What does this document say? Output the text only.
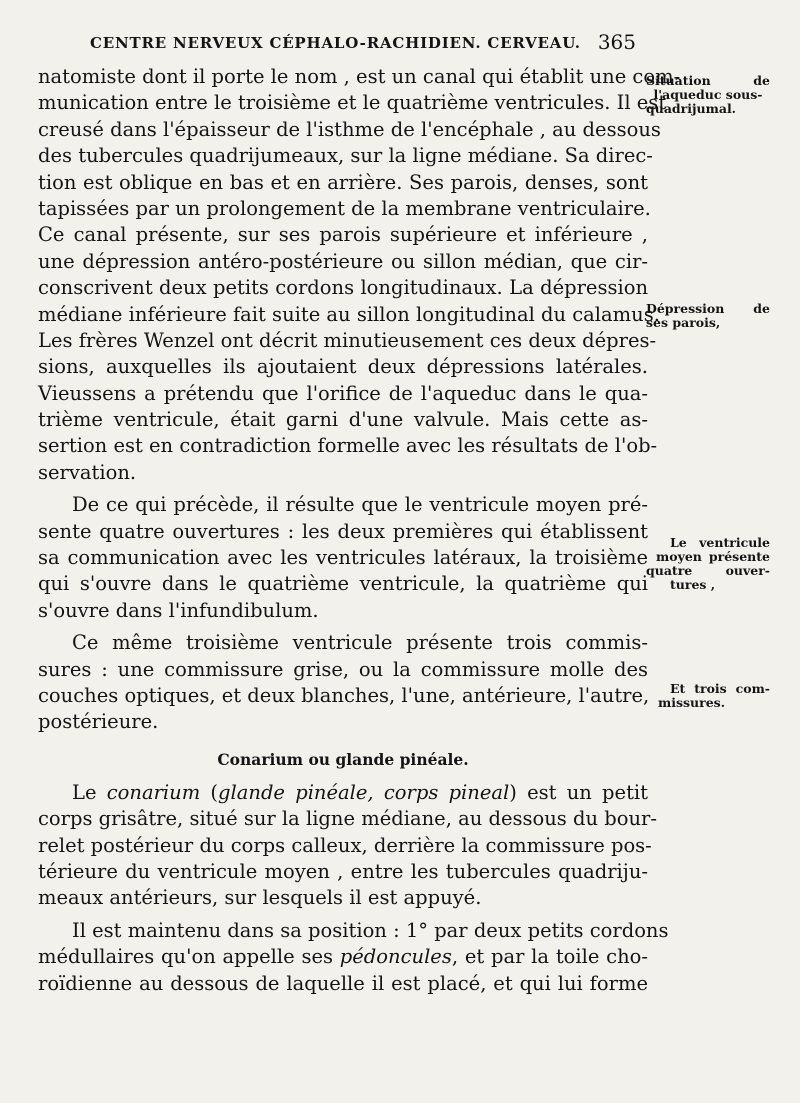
CENTRE NERVEUX CÉPHALO-RACHIDIEN. CERVEAU. 365
natomiste dont il porte le nom , est un canal qui établit une com-
munication entre le troisième et le quatrième ventricules. Il est
creusé dans l'épaisseur de l'isthme de l'encéphale , au dessous
des tubercules quadrijumeaux, sur la ligne médiane. Sa direc-
tion est oblique en bas et en arrière. Ses parois, denses, sont
tapissées par un prolongement de la membrane ventriculaire.
Ce canal présente, sur ses parois supérieure et inférieure ,
une dépression antéro-postérieure ou sillon médian, que cir-
conscrivent deux petits cordons longitudinaux. La dépression
médiane inférieure fait suite au sillon longitudinal du calamus.
Les frères Wenzel ont décrit minutieusement ces deux dépres-
sions, auxquelles ils ajoutaient deux dépressions latérales.
Vieussens a prétendu que l'orifice de l'aqueduc dans le qua-
trième ventricule, était garni d'une valvule. Mais cette as-
sertion est en contradiction formelle avec les résultats de l'ob-
servation.
De ce qui précède, il résulte que le ventricule moyen pré-
sente quatre ouvertures : les deux premières qui établissent
sa communication avec les ventricules latéraux, la troisième
qui s'ouvre dans le quatrième ventricule, la quatrième qui
s'ouvre dans l'infundibulum.
Ce même troisième ventricule présente trois commis-
sures : une commissure grise, ou la commissure molle des
couches optiques, et deux blanches, l'une, antérieure, l'autre,
postérieure.
Conarium ou glande pinéale.
Le conarium (glande pinéale, corps pineal) est un petit
corps grisâtre, situé sur la ligne médiane, au dessous du bour-
relet postérieur du corps calleux, derrière la commissure pos-
térieure du ventricule moyen , entre les tubercules quadriju-
meaux antérieurs, sur lesquels il est appuyé.
Il est maintenu dans sa position : 1° par deux petits cordons
médullaires qu'on appelle ses pédoncules, et par la toile cho-
roïdienne au dessous de laquelle il est placé, et qui lui forme
Situation de
l'aqueduc sous-
quadrijumal.
Dépression de
ses parois,
Le ventricule
moyen présente
quatre ouver-
tures ,
Et trois com-
missures.
